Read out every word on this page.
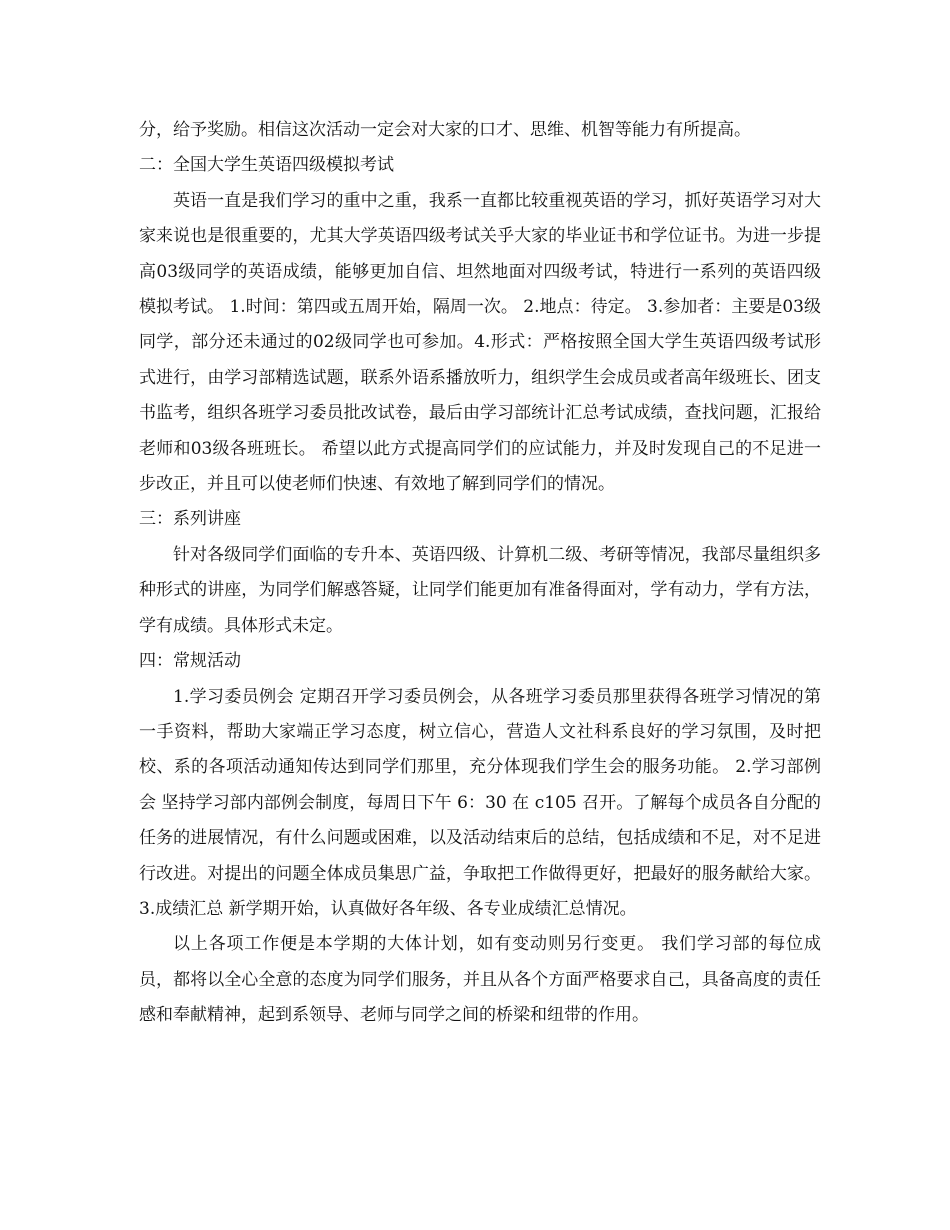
分，给予奖励。相信这次活动一定会对大家的口才、思维、机智等能力有所提高。

二：全国大学生英语四级模拟考试

英语一直是我们学习的重中之重，我系一直都比较重视英语的学习，抓好英语学习对大家来说也是很重要的，尤其大学英语四级考试关乎大家的毕业证书和学位证书。为进一步提高03级同学的英语成绩，能够更加自信、坦然地面对四级考试，特进行一系列的英语四级模拟考试。 1.时间：第四或五周开始，隔周一次。 2.地点：待定。 3.参加者：主要是03级同学，部分还未通过的02级同学也可参加。4.形式：严格按照全国大学生英语四级考试形式进行，由学习部精选试题，联系外语系播放听力，组织学生会成员或者高年级班长、团支书监考，组织各班学习委员批改试卷，最后由学习部统计汇总考试成绩，查找问题，汇报给老师和03级各班班长。 希望以此方式提高同学们的应试能力，并及时发现自己的不足进一步改正，并且可以使老师们快速、有效地了解到同学们的情况。

三：系列讲座

针对各级同学们面临的专升本、英语四级、计算机二级、考研等情况，我部尽量组织多种形式的讲座，为同学们解惑答疑，让同学们能更加有准备得面对，学有动力，学有方法，学有成绩。具体形式未定。

四：常规活动

1.学习委员例会 定期召开学习委员例会，从各班学习委员那里获得各班学习情况的第一手资料，帮助大家端正学习态度，树立信心，营造人文社科系良好的学习氛围，及时把校、系的各项活动通知传达到同学们那里，充分体现我们学生会的服务功能。 2.学习部例会 坚持学习部内部例会制度，每周日下午 6：30 在 c105 召开。了解每个成员各自分配的任务的进展情况，有什么问题或困难，以及活动结束后的总结，包括成绩和不足，对不足进行改进。对提出的问题全体成员集思广益，争取把工作做得更好，把最好的服务献给大家。 3.成绩汇总 新学期开始，认真做好各年级、各专业成绩汇总情况。

以上各项工作便是本学期的大体计划，如有变动则另行变更。 我们学习部的每位成员，都将以全心全意的态度为同学们服务，并且从各个方面严格要求自己，具备高度的责任感和奉献精神，起到系领导、老师与同学之间的桥梁和纽带的作用。
